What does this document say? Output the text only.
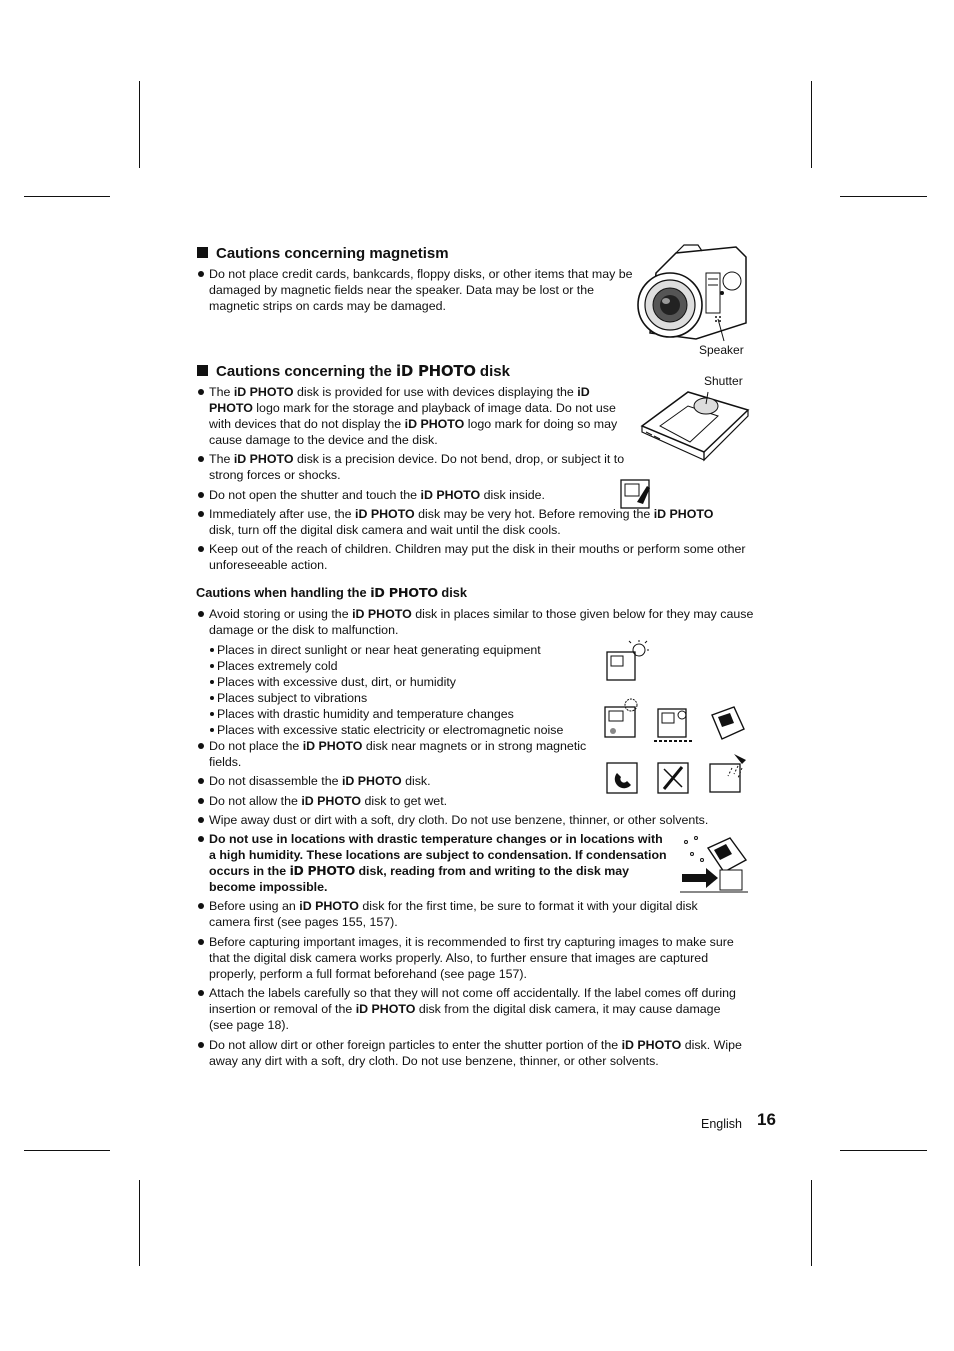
Cautions concerning magnetism
Do not place credit cards, bankcards, floppy disks, or other items that may be damaged by magnetic fields near the speaker. Data may be lost or the magnetic strips on cards may be damaged.
Speaker
Cautions concerning the iD PHOTO disk
Shutter
The iD PHOTO disk is provided for use with devices displaying the iD PHOTO logo mark for the storage and playback of image data. Do not use with devices that do not display the iD PHOTO logo mark for doing so may cause damage to the device and the disk.
The iD PHOTO disk is a precision device. Do not bend, drop, or subject it to strong forces or shocks.
Do not open the shutter and touch the iD PHOTO disk inside.
Immediately after use, the iD PHOTO disk may be very hot. Before removing the iD PHOTO disk, turn off the digital disk camera and wait until the disk cools.
Keep out of the reach of children. Children may put the disk in their mouths or perform some other unforeseeable action.
Cautions when handling the iD PHOTO disk
Avoid storing or using the iD PHOTO disk in places similar to those given below for they may cause damage or the disk to malfunction.
Places in direct sunlight or near heat generating equipment
Places extremely cold
Places with excessive dust, dirt, or humidity
Places subject to vibrations
Places with drastic humidity and temperature changes
Places with excessive static electricity or electromagnetic noise
Do not place the iD PHOTO disk near magnets or in strong magnetic fields.
Do not disassemble the iD PHOTO disk.
Do not allow the iD PHOTO disk to get wet.
Wipe away dust or dirt with a soft, dry cloth. Do not use benzene, thinner, or other solvents.
Do not use in locations with drastic temperature changes or in locations with a high humidity. These locations are subject to condensation. If condensation occurs in the iD PHOTO disk, reading from and writing to the disk may become impossible.
Before using an iD PHOTO disk for the first time, be sure to format it with your digital disk camera first (see pages 155, 157).
Before capturing important images, it is recommended to first try capturing images to make sure that the digital disk camera works properly. Also, to further ensure that images are captured properly, perform a full format beforehand (see page 157).
Attach the labels carefully so that they will not come off accidentally. If the label comes off during insertion or removal of the iD PHOTO disk from the digital disk camera, it may cause damage (see page 18).
Do not allow dirt or other foreign particles to enter the shutter portion of the iD PHOTO disk. Wipe away any dirt with a soft, dry cloth. Do not use benzene, thinner, or other solvents.
English 16
